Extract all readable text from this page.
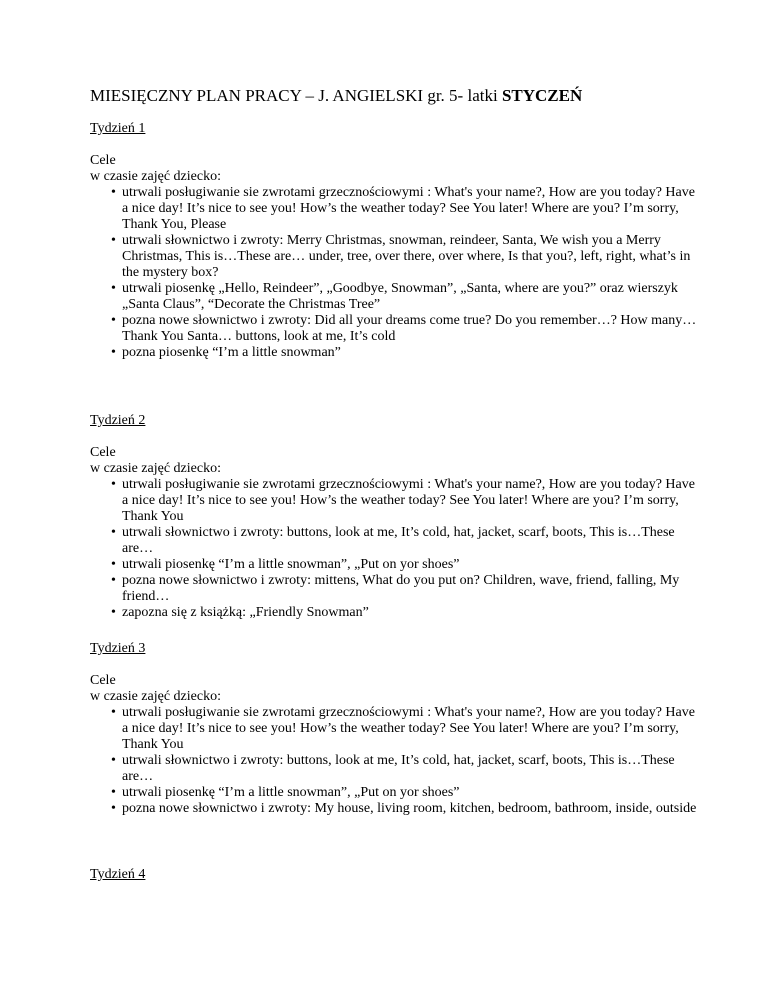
MIESIĘCZNY PLAN PRACY – J. ANGIELSKI gr. 5- latki STYCZEŃ

Tydzień 1

Cele

w czasie zajęć dziecko:

• utrwali posługiwanie sie zwrotami grzecznościowymi : What's your name?, How are you today? Have a nice day! It’s nice to see you! How’s the weather today? See You later! Where are you? I’m sorry, Thank You, Please
• utrwali słownictwo i zwroty: Merry Christmas, snowman, reindeer, Santa, We wish you a Merry Christmas, This is…These are… under, tree, over there, over where, Is that you?, left, right, what’s in the mystery box?
• utrwali piosenkę „Hello, Reindeer”, „Goodbye, Snowman”, „Santa, where are you?” oraz wierszyk „Santa Claus”, “Decorate the Christmas Tree”
• pozna nowe słownictwo i zwroty: Did all your dreams come true? Do you remember…? How many…Thank You Santa… buttons, look at me, It’s cold
• pozna piosenkę “I’m a little snowman”

Tydzień 2

Cele

w czasie zajęć dziecko:

• utrwali posługiwanie sie zwrotami grzecznościowymi : What's your name?, How are you today? Have a nice day! It’s nice to see you! How’s the weather today? See You later! Where are you? I’m sorry, Thank You
• utrwali słownictwo i zwroty: buttons, look at me, It’s cold, hat, jacket, scarf, boots, This is…These are…
• utrwali piosenkę “I’m a little snowman”, „Put on yor shoes”
• pozna nowe słownictwo i zwroty: mittens, What do you put on? Children, wave, friend, falling, My friend…
• zapozna się z książką: „Friendly Snowman”

Tydzień 3

Cele

w czasie zajęć dziecko:

• utrwali posługiwanie sie zwrotami grzecznościowymi : What's your name?, How are you today? Have a nice day! It’s nice to see you! How’s the weather today? See You later! Where are you? I’m sorry, Thank You
• utrwali słownictwo i zwroty: buttons, look at me, It’s cold, hat, jacket, scarf, boots, This is…These are…
• utrwali piosenkę “I’m a little snowman”, „Put on yor shoes”
• pozna nowe słownictwo i zwroty: My house, living room, kitchen, bedroom, bathroom, inside, outside

Tydzień 4
